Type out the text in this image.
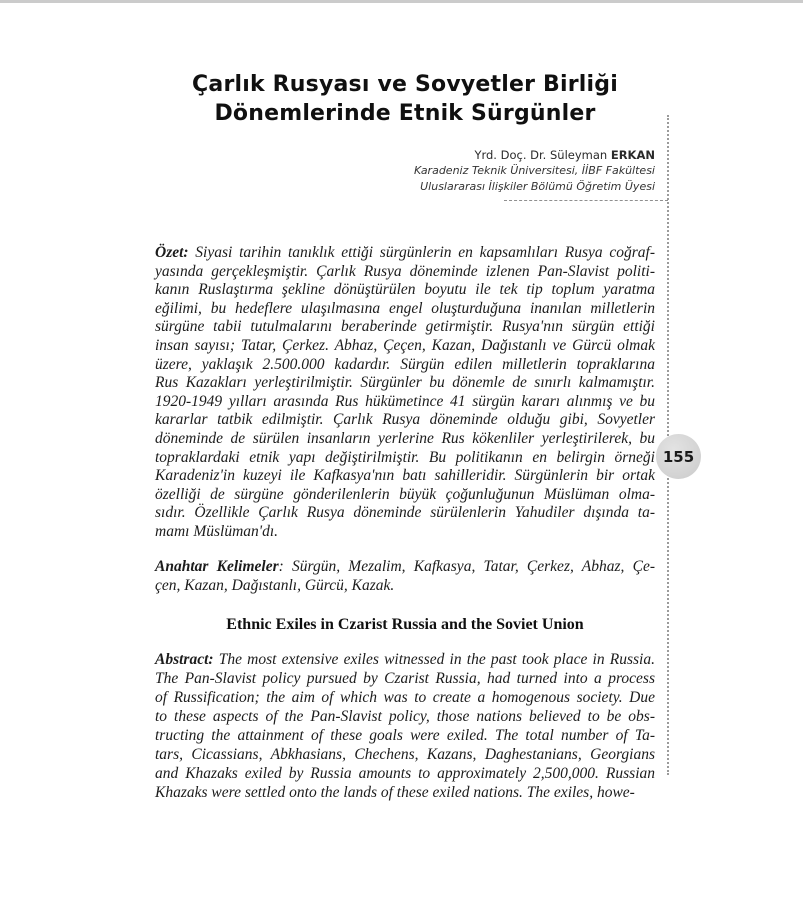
Çarlık Rusyası ve Sovyetler Birliği
Dönemlerinde Etnik Sürgünler
Yrd. Doç. Dr. Süleyman ERKAN
Karadeniz Teknik Üniversitesi, İİBF Fakültesi
Uluslararası İlişkiler Bölümü Öğretim Üyesi
Özet: Siyasi tarihin tanıklık ettiği sürgünlerin en kapsamlıları Rusya coğraf-
yasında gerçekleşmiştir. Çarlık Rusya döneminde izlenen Pan-Slavist politi-
kanın Ruslaştırma şekline dönüştürülen boyutu ile tek tip toplum yaratma
eğilimi, bu hedeflere ulaşılmasına engel oluşturduğuna inanılan milletlerin
sürgüne tabii tutulmalarını beraberinde getirmiştir. Rusya'nın sürgün ettiği
insan sayısı; Tatar, Çerkez. Abhaz, Çeçen, Kazan, Dağıstanlı ve Gürcü olmak
üzere, yaklaşık 2.500.000 kadardır. Sürgün edilen milletlerin topraklarına
Rus Kazakları yerleştirilmiştir. Sürgünler bu dönemle de sınırlı kalmamıştır.
1920-1949 yılları arasında Rus hükümetince 41 sürgün kararı alınmış ve bu
kararlar tatbik edilmiştir. Çarlık Rusya döneminde olduğu gibi, Sovyetler
döneminde de sürülen insanların yerlerine Rus kökenliler yerleştirilerek, bu
topraklardaki etnik yapı değiştirilmiştir. Bu politikanın en belirgin örneği
Karadeniz'in kuzeyi ile Kafkasya'nın batı sahilleridir. Sürgünlerin bir ortak
özelliği de sürgüne gönderilenlerin büyük çoğunluğunun Müslüman olma-
sıdır. Özellikle Çarlık Rusya döneminde sürülenlerin Yahudiler dışında ta-
mamı Müslüman'dı.
Anahtar Kelimeler: Sürgün, Mezalim, Kafkasya, Tatar, Çerkez, Abhaz, Çe-
çen, Kazan, Dağıstanlı, Gürcü, Kazak.
Ethnic Exiles in Czarist Russia and the Soviet Union
Abstract: The most extensive exiles witnessed in the past took place in Russia.
The Pan-Slavist policy pursued by Czarist Russia, had turned into a process
of Russification; the aim of which was to create a homogenous society. Due
to these aspects of the Pan-Slavist policy, those nations believed to be obs-
tructing the attainment of these goals were exiled. The total number of Ta-
tars, Cicassians, Abkhasians, Chechens, Kazans, Daghestanians, Georgians
and Khazaks exiled by Russia amounts to approximately 2,500,000. Russian
Khazaks were settled onto the lands of these exiled nations. The exiles, howe-
155
